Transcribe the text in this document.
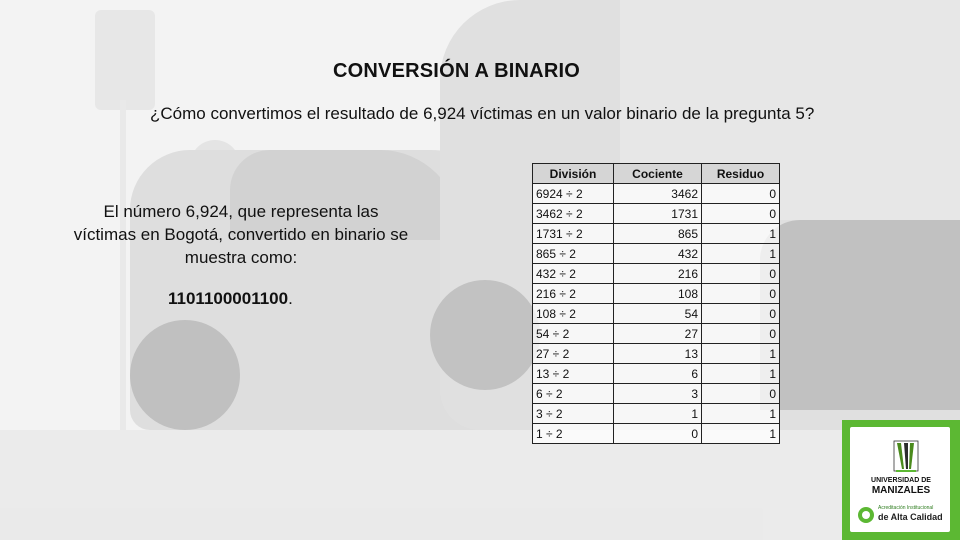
CONVERSIÓN A BINARIO
¿Cómo convertimos el resultado de 6,924 víctimas en un valor binario de la pregunta 5?
El número 6,924, que representa las víctimas en Bogotá, convertido en binario se muestra como:
1101100001100.
División	Cociente	Residuo
6924 ÷ 2	3462	0
3462 ÷ 2	1731	0
1731 ÷ 2	865	1
865 ÷ 2	432	1
432 ÷ 2	216	0
216 ÷ 2	108	0
108 ÷ 2	54	0
54 ÷ 2	27	0
27 ÷ 2	13	1
13 ÷ 2	6	1
6 ÷ 2	3	0
3 ÷ 2	1	1
1 ÷ 2	0	1
UNIVERSIDAD DE
MANIZALES
Acreditación Institucional
de Alta Calidad
